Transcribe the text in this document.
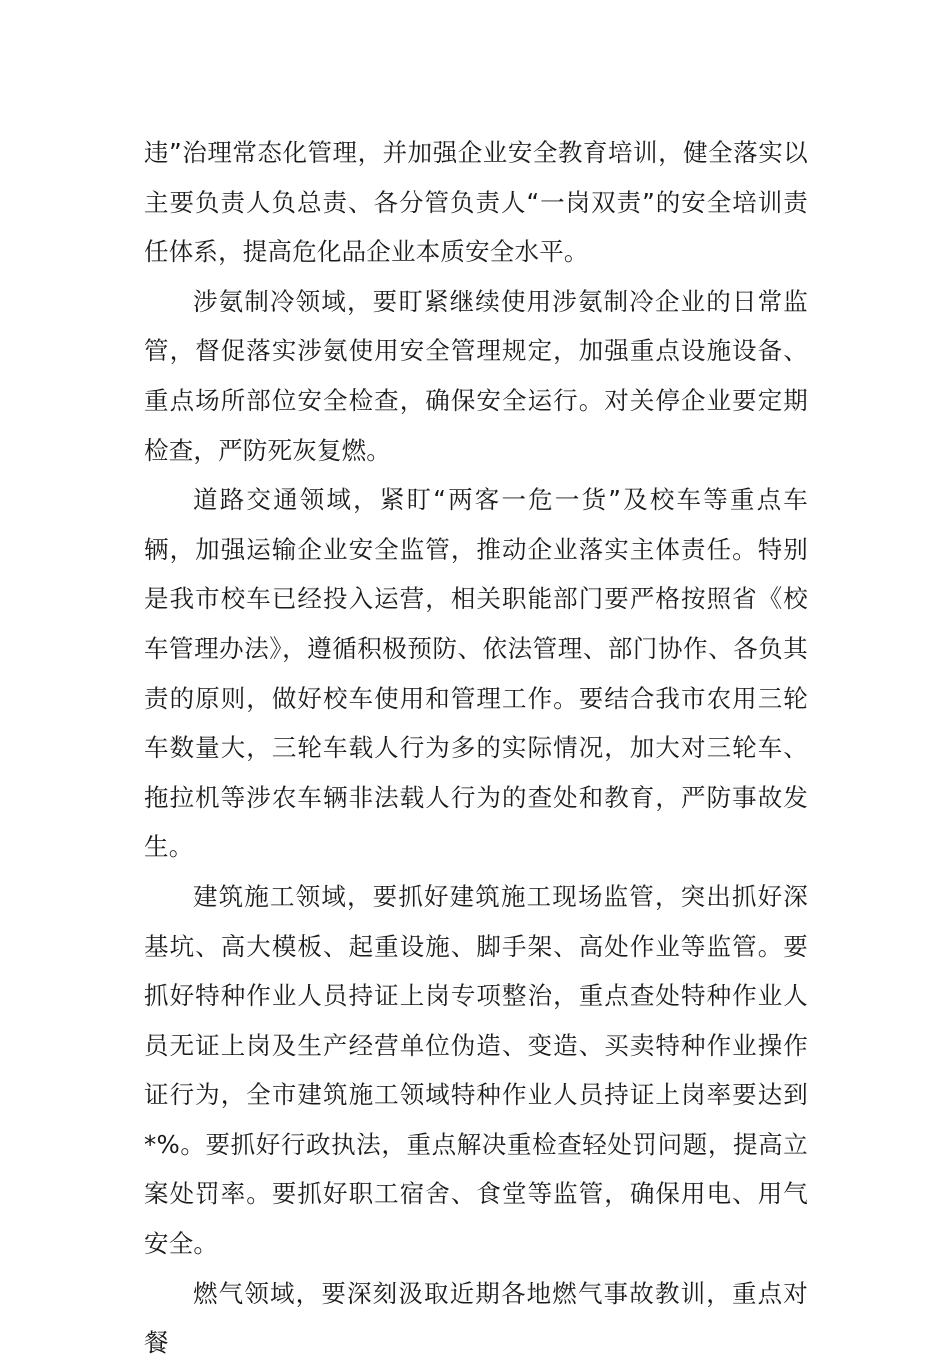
违”治理常态化管理，并加强企业安全教育培训，健全落实以主要负责人负总责、各分管负责人“一岗双责”的安全培训责任体系，提高危化品企业本质安全水平。

涉氨制冷领域，要盯紧继续使用涉氨制冷企业的日常监管，督促落实涉氨使用安全管理规定，加强重点设施设备、重点场所部位安全检查，确保安全运行。对关停企业要定期检查，严防死灰复燃。

道路交通领域，紧盯“两客一危一货”及校车等重点车辆，加强运输企业安全监管，推动企业落实主体责任。特别是我市校车已经投入运营，相关职能部门要严格按照省《校车管理办法》，遵循积极预防、依法管理、部门协作、各负其责的原则，做好校车使用和管理工作。要结合我市农用三轮车数量大，三轮车载人行为多的实际情况，加大对三轮车、拖拉机等涉农车辆非法载人行为的查处和教育，严防事故发生。

建筑施工领域，要抓好建筑施工现场监管，突出抓好深基坑、高大模板、起重设施、脚手架、高处作业等监管。要抓好特种作业人员持证上岗专项整治，重点查处特种作业人员无证上岗及生产经营单位伪造、变造、买卖特种作业操作证行为，全市建筑施工领域特种作业人员持证上岗率要达到*%。要抓好行政执法，重点解决重检查轻处罚问题，提高立案处罚率。要抓好职工宿舍、食堂等监管，确保用电、用气安全。

燃气领域，要深刻汲取近期各地燃气事故教训，重点对餐
